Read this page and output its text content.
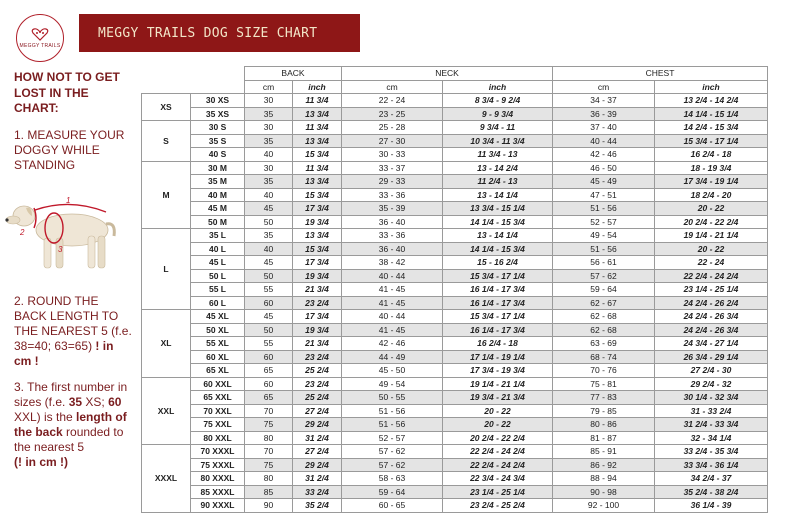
MEGGY TRAILS
MEGGY TRAILS DOG SIZE CHART
HOW NOT TO GET LOST IN THE CHART:
1. MEASURE YOUR DOGGY WHILE STANDING
2. ROUND THE BACK LENGTH TO THE NEAREST 5 (f.e. 38=40; 63=65) ! in cm !
3. The first number in sizes (f.e. 35 XS; 60 XXL) is the length of the back rounded to the nearest 5
(! in cm !)
1
2
3
		BACK		NECK		CHEST	
		cm	inch	cm	inch	cm	inch
XS	30 XS	30	11 3/4	22 - 24	8 3/4 - 9 2/4	34 - 37	13 2/4 - 14 2/4
	35 XS	35	13 3/4	23 - 25	9 - 9 3/4	36 - 39	14 1/4 - 15 1/4
S	30 S	30	11 3/4	25 - 28	9 3/4 - 11	37 - 40	14 2/4 - 15 3/4
	35 S	35	13 3/4	27 - 30	10 3/4 - 11 3/4	40 - 44	15 3/4 - 17 1/4
	40 S	40	15 3/4	30 - 33	11 3/4 - 13	42 - 46	16 2/4 - 18
M	30 M	30	11 3/4	33 - 37	13 - 14 2/4	46 - 50	18 - 19 3/4
	35 M	35	13 3/4	29 - 33	11 2/4 - 13	45 - 49	17 3/4 - 19 1/4
	40 M	40	15 3/4	33 - 36	13 - 14 1/4	47 - 51	18 2/4 - 20
	45 M	45	17 3/4	35 - 39	13 3/4 - 15 1/4	51 - 56	20 - 22
	50 M	50	19 3/4	36 - 40	14 1/4 - 15 3/4	52 - 57	20 2/4 - 22 2/4
L	35 L	35	13 3/4	33 - 36	13 - 14 1/4	49 - 54	19 1/4 - 21 1/4
	40 L	40	15 3/4	36 - 40	14 1/4 - 15 3/4	51 - 56	20 - 22
	45 L	45	17 3/4	38 - 42	15 - 16 2/4	56 - 61	22 - 24
	50 L	50	19 3/4	40 - 44	15 3/4 - 17 1/4	57 - 62	22 2/4 - 24 2/4
	55 L	55	21 3/4	41 - 45	16 1/4 - 17 3/4	59 - 64	23 1/4 - 25 1/4
	60 L	60	23 2/4	41 - 45	16 1/4 - 17 3/4	62 - 67	24 2/4 - 26 2/4
XL	45 XL	45	17 3/4	40 - 44	15 3/4 - 17 1/4	62 - 68	24 2/4 - 26 3/4
	50 XL	50	19 3/4	41 - 45	16 1/4 - 17 3/4	62 - 68	24 2/4 - 26 3/4
	55 XL	55	21 3/4	42 - 46	16 2/4 - 18	63 - 69	24 3/4 - 27 1/4
	60 XL	60	23 2/4	44 - 49	17 1/4 - 19 1/4	68 - 74	26 3/4 - 29 1/4
	65 XL	65	25 2/4	45 - 50	17 3/4 - 19 3/4	70 - 76	27 2/4 - 30
XXL	60 XXL	60	23 2/4	49 - 54	19 1/4 - 21 1/4	75 - 81	29 2/4 - 32
	65 XXL	65	25 2/4	50 - 55	19 3/4 - 21 3/4	77 - 83	30 1/4 - 32 3/4
	70 XXL	70	27 2/4	51 - 56	20 - 22	79 - 85	31 - 33 2/4
	75 XXL	75	29 2/4	51 - 56	20 - 22	80 - 86	31 2/4 - 33 3/4
	80 XXL	80	31 2/4	52 - 57	20 2/4 - 22 2/4	81 - 87	32 - 34 1/4
XXXL	70 XXXL	70	27 2/4	57 - 62	22 2/4 - 24 2/4	85 - 91	33 2/4 - 35 3/4
	75 XXXL	75	29 2/4	57 - 62	22 2/4 - 24 2/4	86 - 92	33 3/4 - 36 1/4
	80 XXXL	80	31 2/4	58 - 63	22 3/4 - 24 3/4	88 - 94	34 2/4 - 37
	85 XXXL	85	33 2/4	59 - 64	23 1/4 - 25 1/4	90 - 98	35 2/4 - 38 2/4
	90 XXXL	90	35 2/4	60 - 65	23 2/4 - 25 2/4	92 - 100	36 1/4 - 39
